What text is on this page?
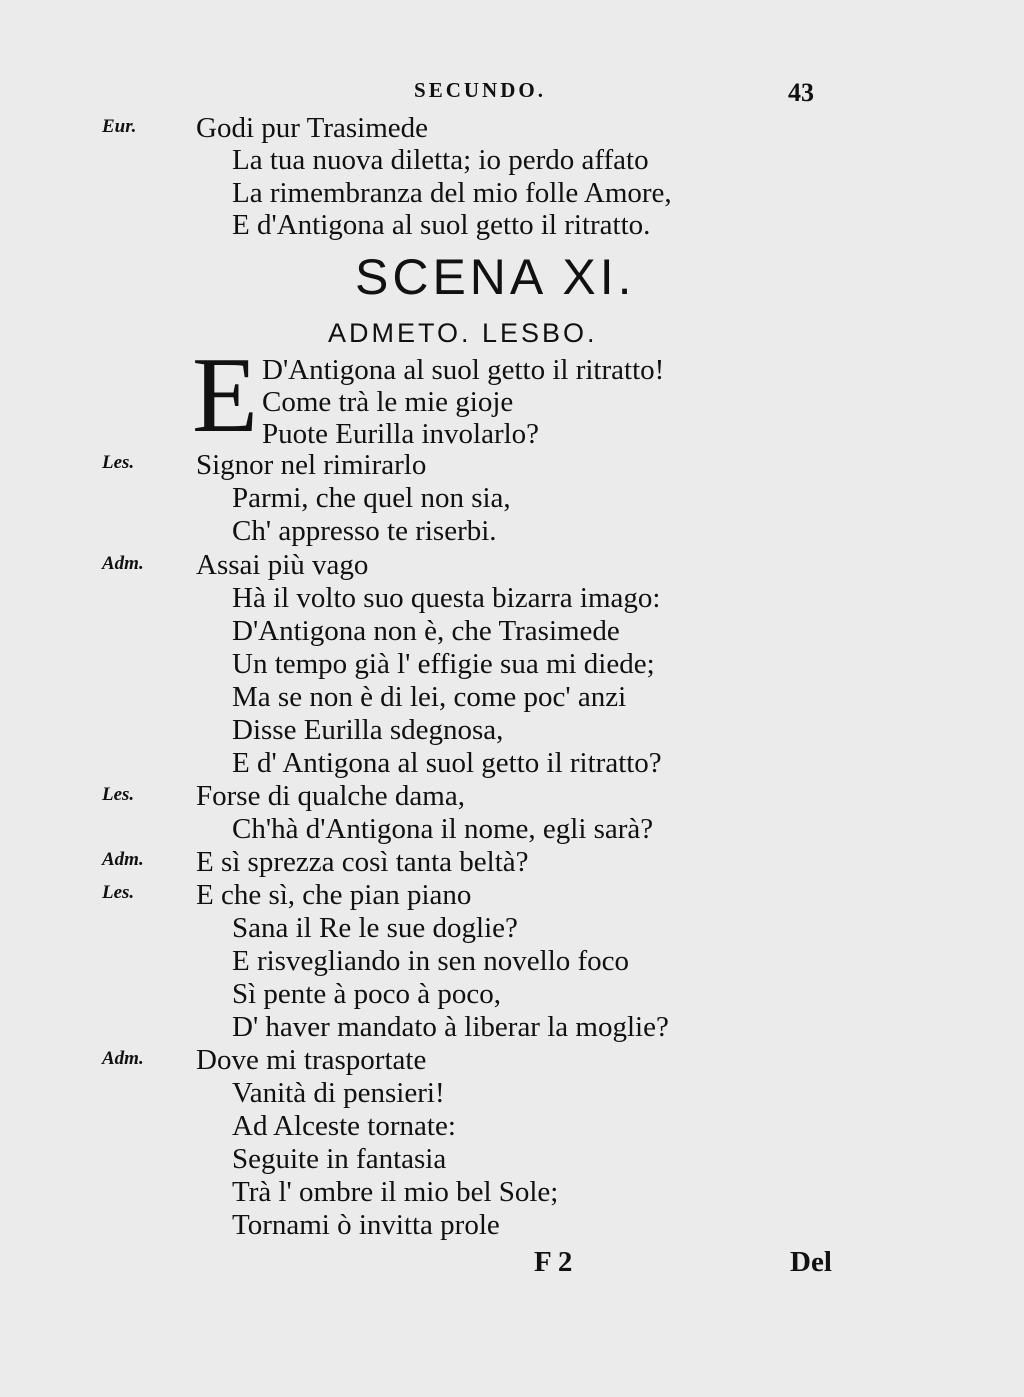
SECUNDO.	43
Eur. Godi pur Trasimede
La tua nuova diletta; io perdo affato
La rimembranza del mio folle Amore,
E d'Antigona al suol getto il ritratto.
SCENA XI.
ADMETO. LESBO.
E D'Antigona al suol getto il ritratto!
Come trà le mie gioje
Puote Eurilla involarlo?
Les. Signor nel rimirarlo
Parmi, che quel non sia,
Ch' appresso te riserbi.
Adm. Assai più vago
Hà il volto suo questa bizarra imago:
D'Antigona non è, che Trasimede
Un tempo già l' effigie sua mi diede;
Ma se non è di lei, come poc' anzi
Disse Eurilla sdegnosa,
E d' Antigona al suol getto il ritratto?
Les. Forse di qualche dama,
Ch'hà d'Antigona il nome, egli sarà?
Adm. E sì sprezza così tanta beltà?
Les. E che sì, che pian piano
Sana il Re le sue doglie?
E risvegliando in sen novello foco
Sì pente à poco à poco,
D' haver mandato à liberar la moglie?
Adm. Dove mi trasportate
Vanità di pensieri!
Ad Alceste tornate:
Seguite in fantasia
Trà l' ombre il mio bel Sole;
Tornami ò invitta prole
F 2	Del
